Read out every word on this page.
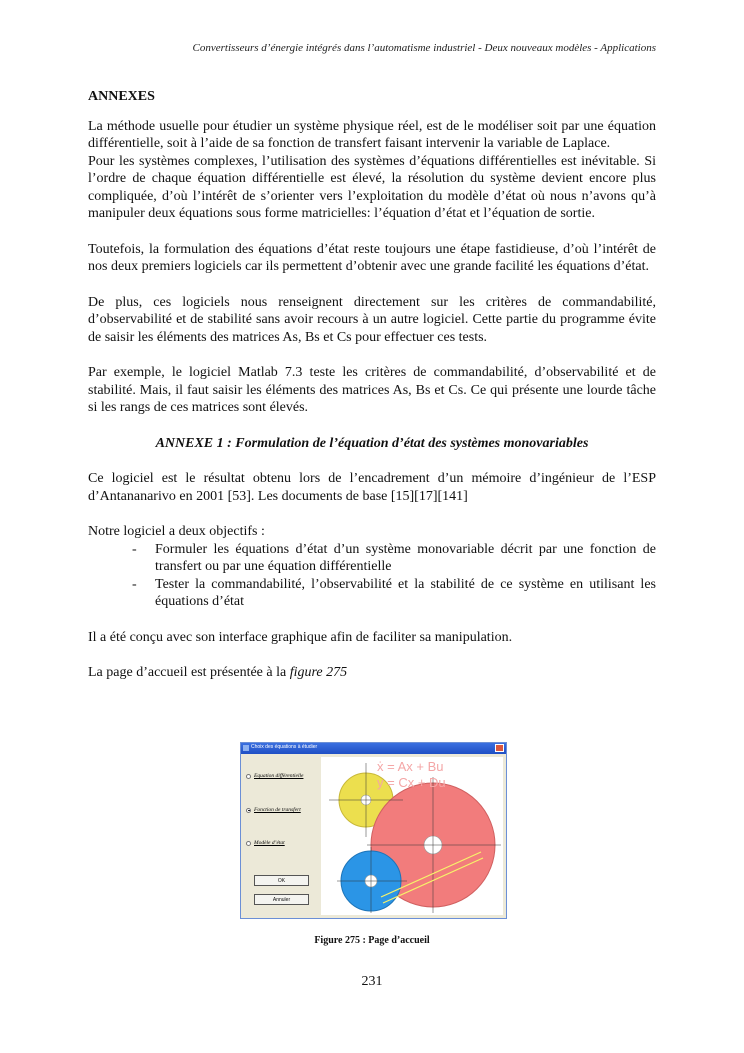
Convertisseurs d’énergie intégrés dans l’automatisme industriel - Deux nouveaux modèles - Applications
ANNEXES

La méthode usuelle pour étudier un système physique réel, est de le modéliser soit par une équation différentielle, soit à l’aide de sa fonction de transfert faisant intervenir la variable de Laplace.

Pour les systèmes complexes, l’utilisation des systèmes d’équations différentielles est inévitable. Si l’ordre de chaque équation différentielle est élevé, la résolution du système devient encore plus compliquée, d’où l’intérêt de s’orienter vers l’exploitation du modèle d’état où nous n’avons qu’à manipuler deux équations sous forme matricielles: l’équation d’état et l’équation de sortie.

Toutefois, la formulation des équations d’état reste toujours une étape fastidieuse, d’où l’intérêt de nos deux premiers logiciels car ils permettent d’obtenir avec une grande facilité les équations d’état.

De plus, ces logiciels nous renseignent directement sur les critères de commandabilité, d’observabilité et de stabilité sans avoir recours à un autre logiciel. Cette partie du programme évite de saisir les éléments des matrices As, Bs et Cs pour effectuer ces tests.

Par exemple, le logiciel Matlab 7.3 teste les critères de commandabilité, d’observabilité et de stabilité. Mais, il faut saisir les éléments des matrices As, Bs et Cs. Ce qui présente une lourde tâche si les rangs de ces matrices sont élevés.

ANNEXE 1 : Formulation de l’équation d’état des systèmes monovariables

Ce logiciel est le résultat obtenu lors de l’encadrement d’un mémoire d’ingénieur de l’ESP d’Antananarivo en 2001 [53]. Les documents de base [15][17][141]

Notre logiciel a deux objectifs :

- Formuler les équations d’état d’un système monovariable décrit par une fonction de transfert ou par une équation différentielle
- Tester la commandabilité, l’observabilité et la stabilité de ce système en utilisant les équations d’état

Il a été conçu avec son interface graphique afin de faciliter sa manipulation.

La page d’accueil est présentée à la figure 275

Choix des équations à étudier
Equation différentielle
Fonction de transfert
Modèle d’état
OK
Annuler
ẋ = Ax + Bu
y = Cx + Du
Figure 275 : Page d’accueil
231
